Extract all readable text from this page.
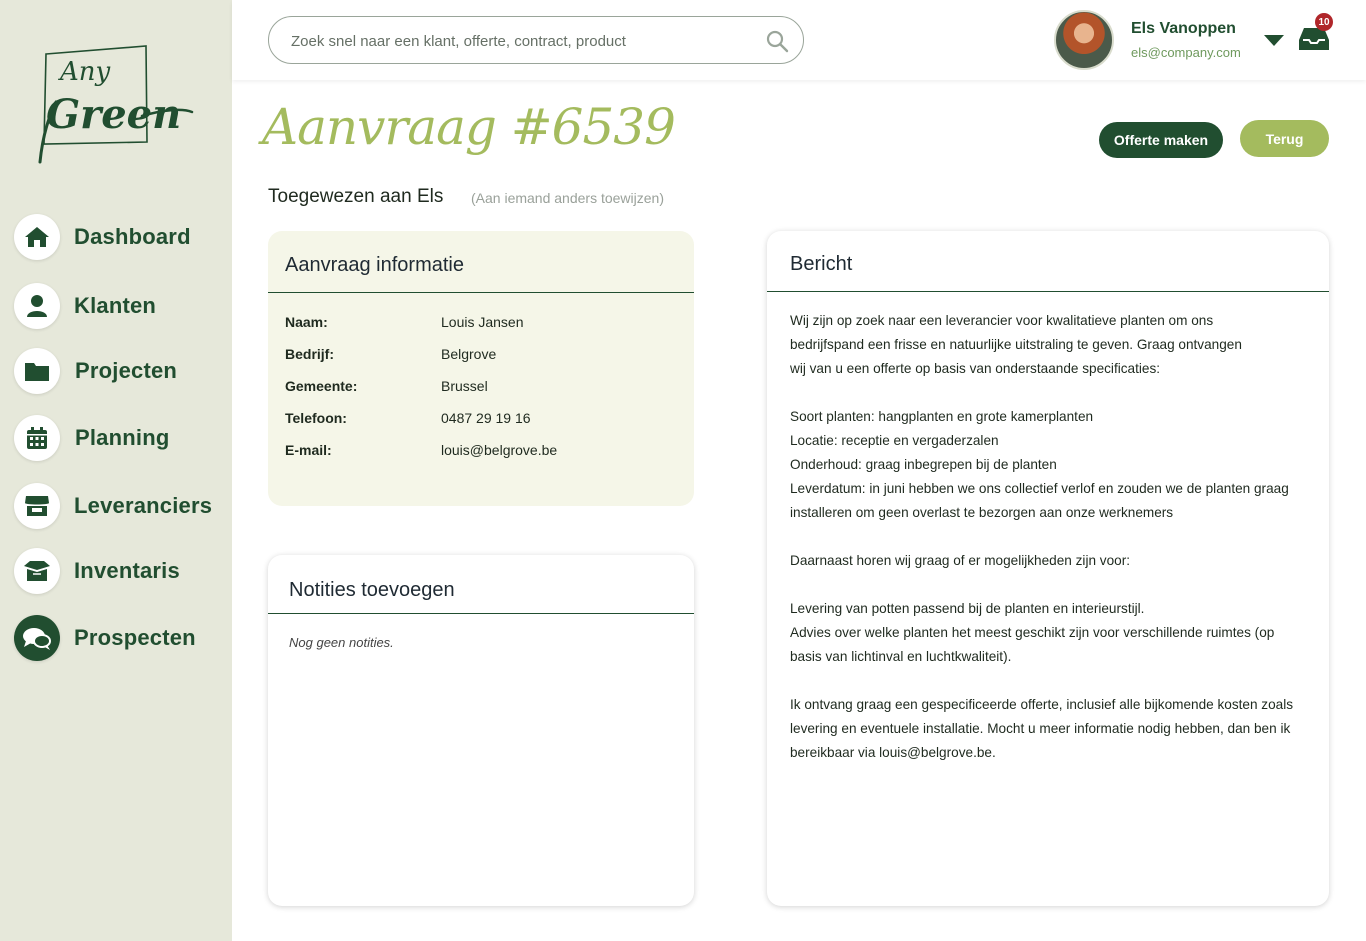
Any
Green
Dashboard
Klanten
Projecten
Planning
Leveranciers
Inventaris
Prospecten
Zoek snel naar een klant, offerte, contract, product
Els Vanoppen
els@company.com
10
Aanvraag #6539
Toegewezen aan Els (Aan iemand anders toewijzen)
Offerte maken	Terug
Aanvraag informatie
Naam:	Louis Jansen
Bedrijf:	Belgrove
Gemeente:	Brussel
Telefoon:	0487 29 19 16
E-mail:	louis@belgrove.be
Notities toevoegen
Nog geen notities.
Bericht
Wij zijn op zoek naar een leverancier voor kwalitatieve planten om ons
bedrijfspand een frisse en natuurlijke uitstraling te geven. Graag ontvangen
wij van u een offerte op basis van onderstaande specificaties:
Soort planten: hangplanten en grote kamerplanten
Locatie: receptie en vergaderzalen
Onderhoud: graag inbegrepen bij de planten
Leverdatum: in juni hebben we ons collectief verlof en zouden we de planten graag
installeren om geen overlast te bezorgen aan onze werknemers
Daarnaast horen wij graag of er mogelijkheden zijn voor:
Levering van potten passend bij de planten en interieurstijl.
Advies over welke planten het meest geschikt zijn voor verschillende ruimtes (op
basis van lichtinval en luchtkwaliteit).
Ik ontvang graag een gespecificeerde offerte, inclusief alle bijkomende kosten zoals
levering en eventuele installatie. Mocht u meer informatie nodig hebben, dan ben ik
bereikbaar via louis@belgrove.be.
